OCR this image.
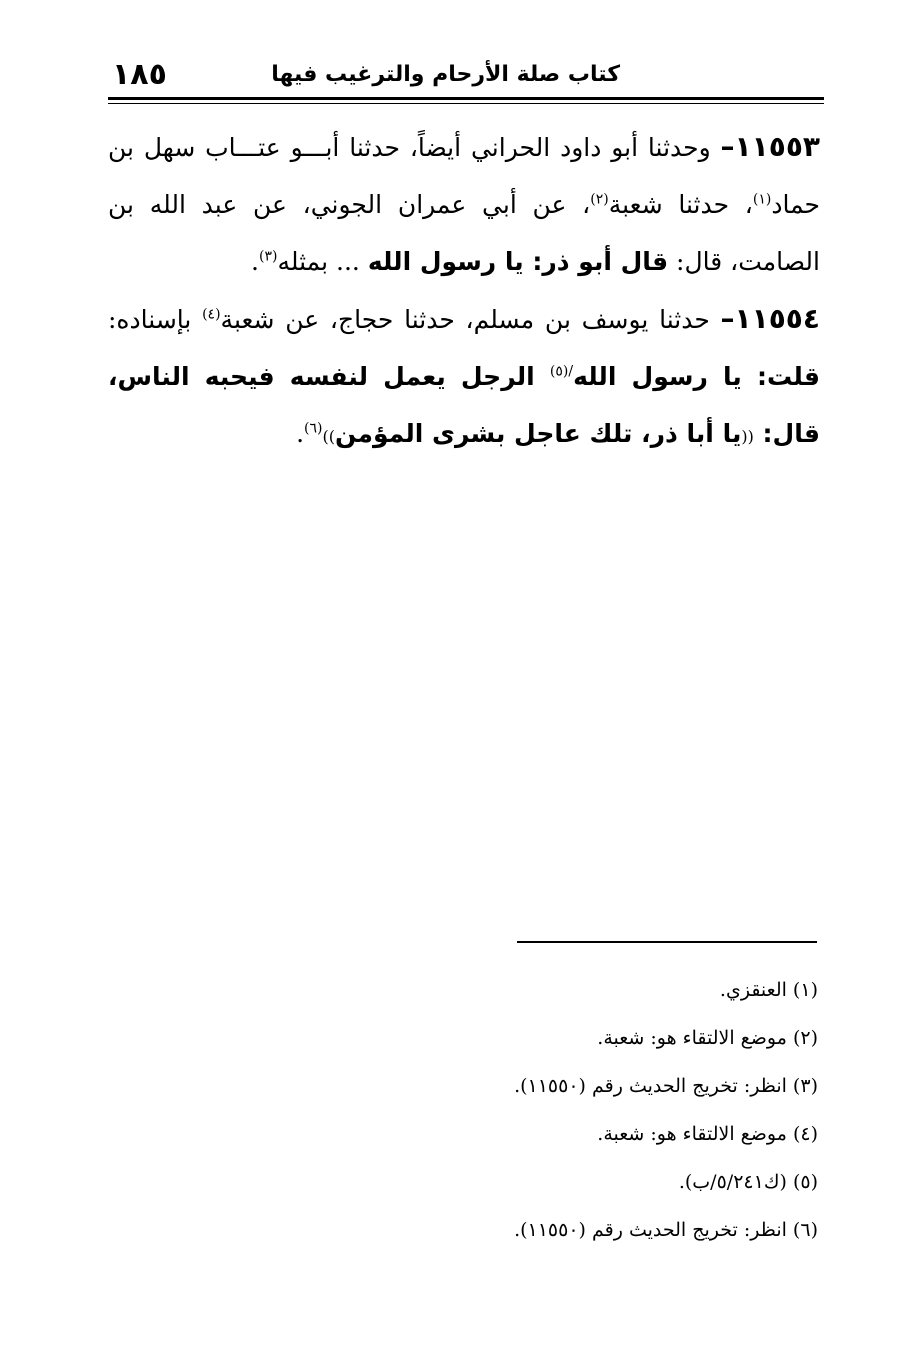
١٨٥	كتاب صلة الأرحام والترغيب فيها

١١٥٥٣– وحدثنا أبو داود الحراني أيضاً، حدثنا أبـــو عتـــاب سهل بن حماد$^{(١)}$، حدثنا شعبة$^{(٢)}$، عن أبي عمران الجوني، عن عبد الله بن الصامت، قال: قال أبو ذر: يا رسول الله ... بمثله$^{(٣)}$.

١١٥٥٤– حدثنا يوسف بن مسلم، حدثنا حجاج، عن شعبة$^{(٤)}$ بإسناده: قلت: يا رسول الله$^{/(٥)}$ الرجل يعمل لنفسه فيحبه الناس، قال: ((يا أبا ذر، تلك عاجل بشرى المؤمن))$^{(٦)}$.

(١) العنقزي.
(٢) موضع الالتقاء هو: شعبة.
(٣) انظر: تخريج الحديث رقم (١١٥٥٠).
(٤) موضع الالتقاء هو: شعبة.
(٥) (ك٥/٢٤١/ب).
(٦) انظر: تخريج الحديث رقم (١١٥٥٠).
